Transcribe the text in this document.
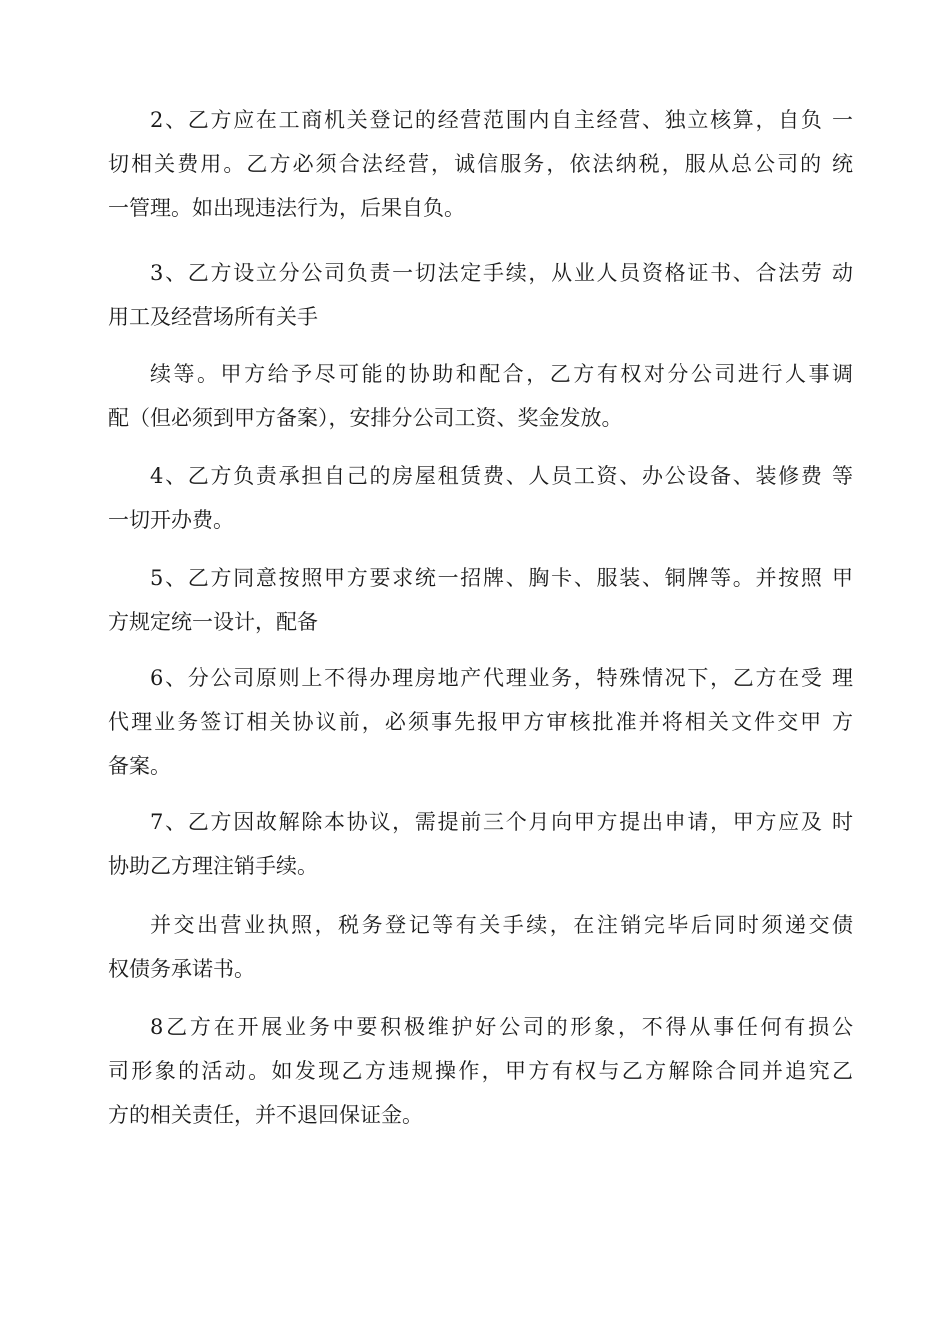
2、乙方应在工商机关登记的经营范围内自主经营、独立核算，自负 一
切相关费用。乙方必须合法经营，诚信服务，依法纳税，服从总公司的 统
一管理。如出现违法行为，后果自负。
3、乙方设立分公司负责一切法定手续，从业人员资格证书、合法劳 动
用工及经营场所有关手
续等。甲方给予尽可能的协助和配合，乙方有权对分公司进行人事调
配（但必须到甲方备案），安排分公司工资、奖金发放。
4、乙方负责承担自己的房屋租赁费、人员工资、办公设备、装修费 等
一切开办费。
5、乙方同意按照甲方要求统一招牌、胸卡、服装、铜牌等。并按照 甲
方规定统一设计，配备
6、分公司原则上不得办理房地产代理业务，特殊情况下，乙方在受 理
代理业务签订相关协议前，必须事先报甲方审核批准并将相关文件交甲 方
备案。
7、乙方因故解除本协议，需提前三个月向甲方提出申请，甲方应及 时
协助乙方理注销手续。
并交出营业执照，税务登记等有关手续，在注销完毕后同时须递交债
权债务承诺书。
8乙方在开展业务中要积极维护好公司的形象，不得从事任何有损公
司形象的活动。如发现乙方违规操作，甲方有权与乙方解除合同并追究乙
方的相关责任，并不退回保证金。
